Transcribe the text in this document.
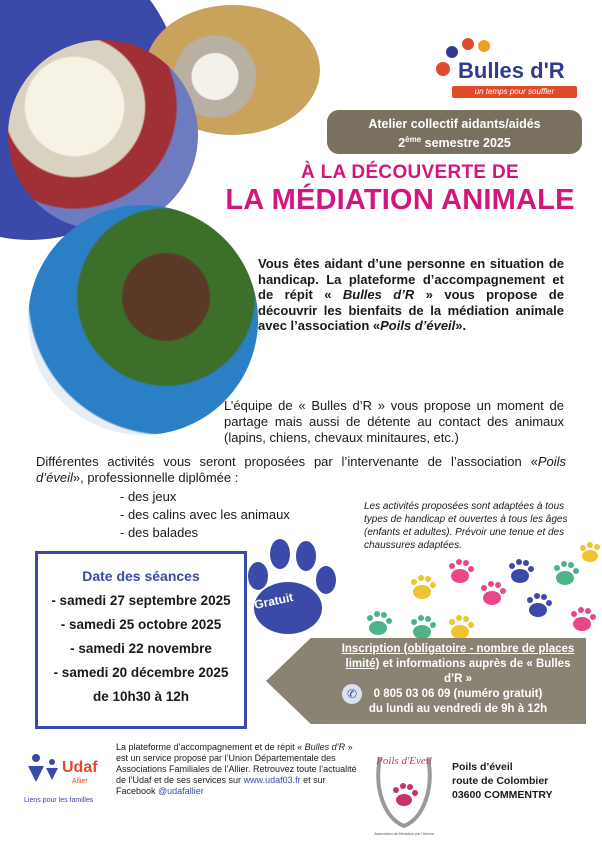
Bulles d'R
un temps pour souffler
Atelier collectif aidants/aidés
2ème semestre 2025
À LA DÉCOUVERTE DE
LA MÉDIATION ANIMALE
Vous êtes aidant d’une personne en situation de handicap. La plateforme d’accompagnement et de répit « Bulles d’R » vous propose de découvrir les bienfaits de la médiation animale avec l’association «Poils d’éveil».
L’équipe de « Bulles d’R » vous propose un moment de partage mais aussi de détente au contact des animaux (lapins, chiens, chevaux minitaures, etc.)
Différentes activités vous seront proposées par l’intervenante de l’association «Poils d’éveil», professionnelle diplômée :
- des jeux
- des calins avec les animaux
- des balades
Les activités proposées sont adaptées à tous types de handicap et ouvertes à tous les âges (enfants et adultes). Prévoir une tenue et des chaussures adaptées.
Date des séances
- samedi 27 septembre 2025
- samedi 25 octobre 2025
- samedi 22 novembre
- samedi 20 décembre 2025
de 10h30 à 12h
Gratuit
Inscription (obligatoire - nombre de places limité) et informations auprès de « Bulles d’R »
0 805 03 06 09 (numéro gratuit)
du lundi au vendredi de 9h à 12h
✆
Udaf
Allier
Liens pour les familles
La plateforme d’accompagnement et de répit « Bulles d’R » est un service proposé par l’Union Départementale des Associations Familiales de l’Allier. Retrouvez toute l’actualité de l’Udaf et de ses services sur www.udaf03.fr et sur Facebook @udafallier
Poils d'Eveil
Association de Médiation par l'Animal
Poils d’éveil
route de Colombier
03600 COMMENTRY
